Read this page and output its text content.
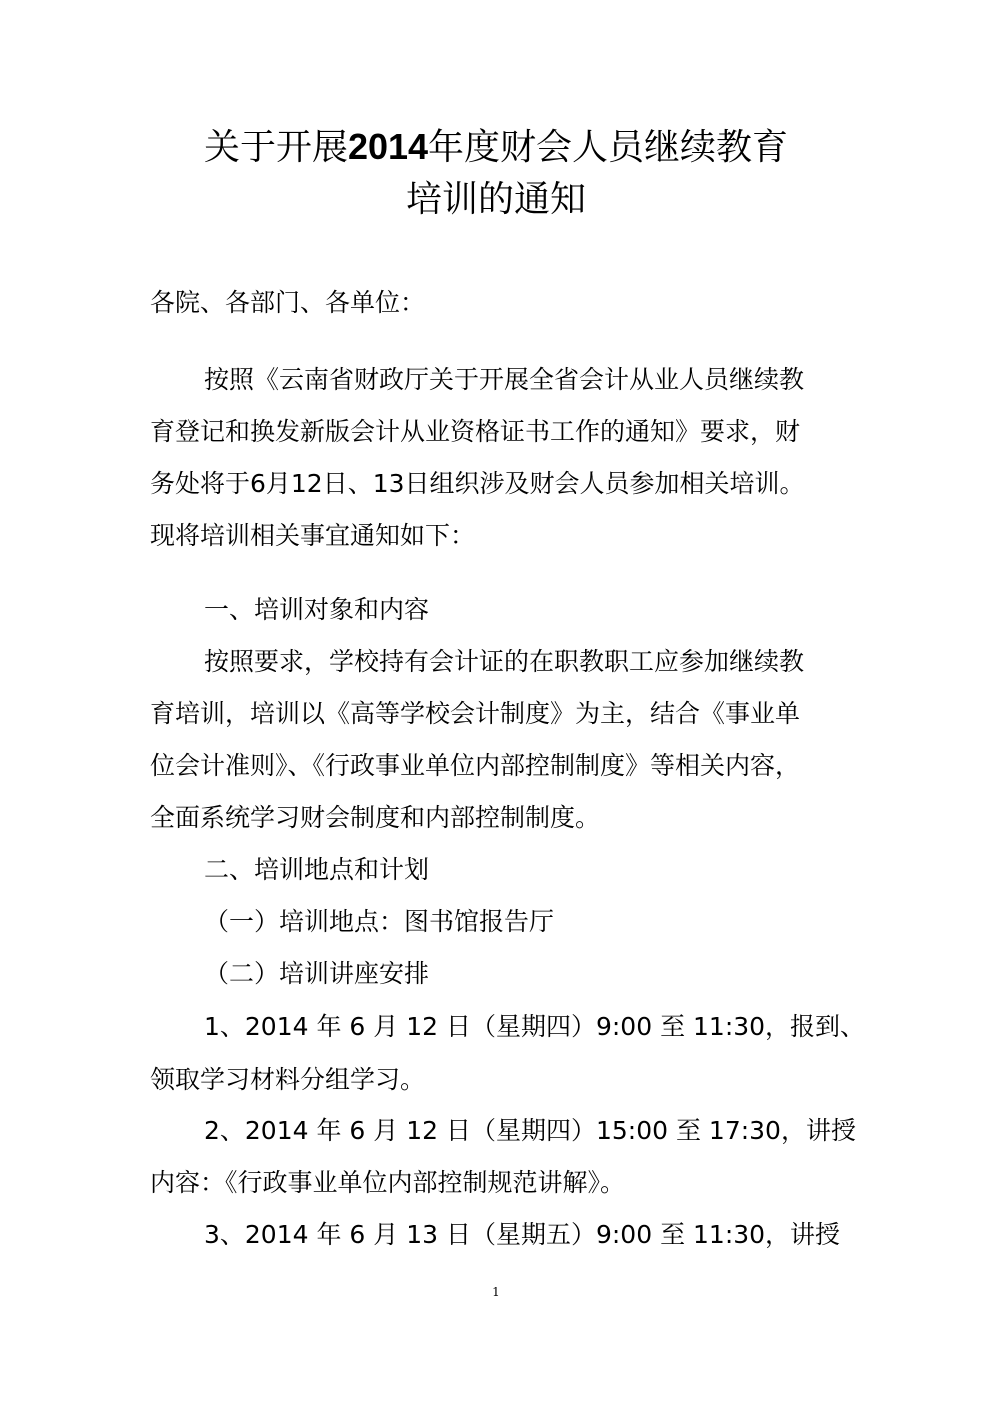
关于开展2014年度财会人员继续教育
培训的通知
各院、各部门、各单位：
按照《云南省财政厅关于开展全省会计从业人员继续教
育登记和换发新版会计从业资格证书工作的通知》要求，财
务处将于6月12日、13日组织涉及财会人员参加相关培训。
现将培训相关事宜通知如下：
一、培训对象和内容
按照要求，学校持有会计证的在职教职工应参加继续教
育培训，培训以《高等学校会计制度》为主，结合《事业单
位会计准则》、《行政事业单位内部控制制度》等相关内容，
全面系统学习财会制度和内部控制制度。
二、培训地点和计划
（一）培训地点：图书馆报告厅
（二）培训讲座安排
1、2014 年 6 月 12 日（星期四）9:00 至 11:30，报到、
领取学习材料分组学习。
2、2014 年 6 月 12 日（星期四）15:00 至 17:30，讲授
内容：《行政事业单位内部控制规范讲解》。
3、2014 年 6 月 13 日（星期五）9:00 至 11:30，讲授
1
